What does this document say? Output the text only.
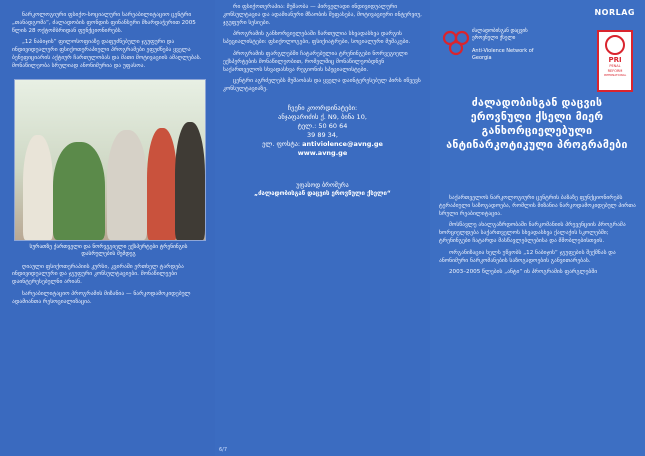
ნარკოლოგიური ფსიქო-სოციალური სარეაბილიტაციო ცენტრი „თანადგომა“, ძალადობის ფონდის ფინანსური მხარდაჭერით 2005 წლის 28 ოქტომბრიდან ფუნქციონირებს.

„12 ნაბიჯის“ ფილოსოფიაზე დაფუძნებული ჯგუფური და ინდივიდუალური ფსიქოთერაპიული პროგრამები ეფუძნება ყველა ბენეფიციარის აქტიურ ჩართულობას და მათი მოტივაციის ამაღლებას. მონაწილეობა სრულიად ანონიმურია და უფასოა.

სურათზე ქართველი და ნორვეგიელი ექსპერტები ტრენინგის დასრულების შემდეგ

ღიაული ფსიქოთერაპიის კურსი, კვირაში ერთხელ ტარდება ინდივიდუალური და ჯგუფური კონსულტაციები. მონაწილეები დაინტერესებულნი არიან.

სარეაბილიტაციო პროგრამის მიზანია — ნარკოდამოკიდებულ ადამიანთა რესოციალიზაცია.

რი ფსიქოთერაპია: მუშაობა — პირველადი ინდივიდუალური კონსულტაცია და ადამიანური მზაობის შეფასება, მოტივაციური ინტერვიუ, ჯგუფური სესიები.

პროგრამის განხორციელებაში ჩართულია სხვადასხვა დარგის სპეციალისტები: ფსიქოლოგები, ფსიქიატრები, სოციალური მუშაკები.

პროგრამის ფარგლებში ჩატარებულია ტრენინგები ნორვეგიელი ექსპერტების მონაწილეობით, რომელშიც მონაწილეობდნენ საქართველოს სხვადასხვა რეგიონის სპეციალისტები.

ცენტრი აგრძელებს მუშაობას და ყველა დაინტერესებულ პირს იწვევს კონსულტაციაზე.

ჩვენი კოორდინატები:
ანჯაფარიძის ქ. N9, ბინა 10,
ტელ.: 50 60 64
39 89 34,
ელ. ფოსტა: antiviolence@avng.ge
www.avng.ge
უფასოდ ბროშურა
„ძალადობისგან დაცვის ეროვნული ქსელი“
6/7
NORLAG
ძალადობისგან დაცვის ეროვნული ქსელი
Anti-Violence Network of Georgia	PRI
PENAL
REFORM
INTERNATIONAL
ძალადობისგან დაცვის ეროვნული ქსელი მიერ განხორციელებული ანტინარკოტიკული პროგრამები

საქართველოს ნარკოლოგიური ცენტრის ბაზაზე ფუნქციონირებს ტერაპიული საზოგადოება, რომლის მიზანია ნარკოდამოკიდებულ პირთა სრული რეაბილიტაცია.

მოსწავლე ახალგაზრდობაში ნარკომანიის პრევენციის პროგრამა ხორციელდება საქართველოს სხვადასხვა ქალაქის სკოლებში; ტრენინგები ჩატარდა მასწავლებლებისა და მშობლებისთვის.

ორგანიზაცია ხელს უწყობს „12 ნაბიჯის“ ჯგუფების შექმნას და ანონიმური ნარკომანების საზოგადოების განვითარებას.

2003–2005 წლების „ანტი“ ის პროგრამის ფარგლებში
